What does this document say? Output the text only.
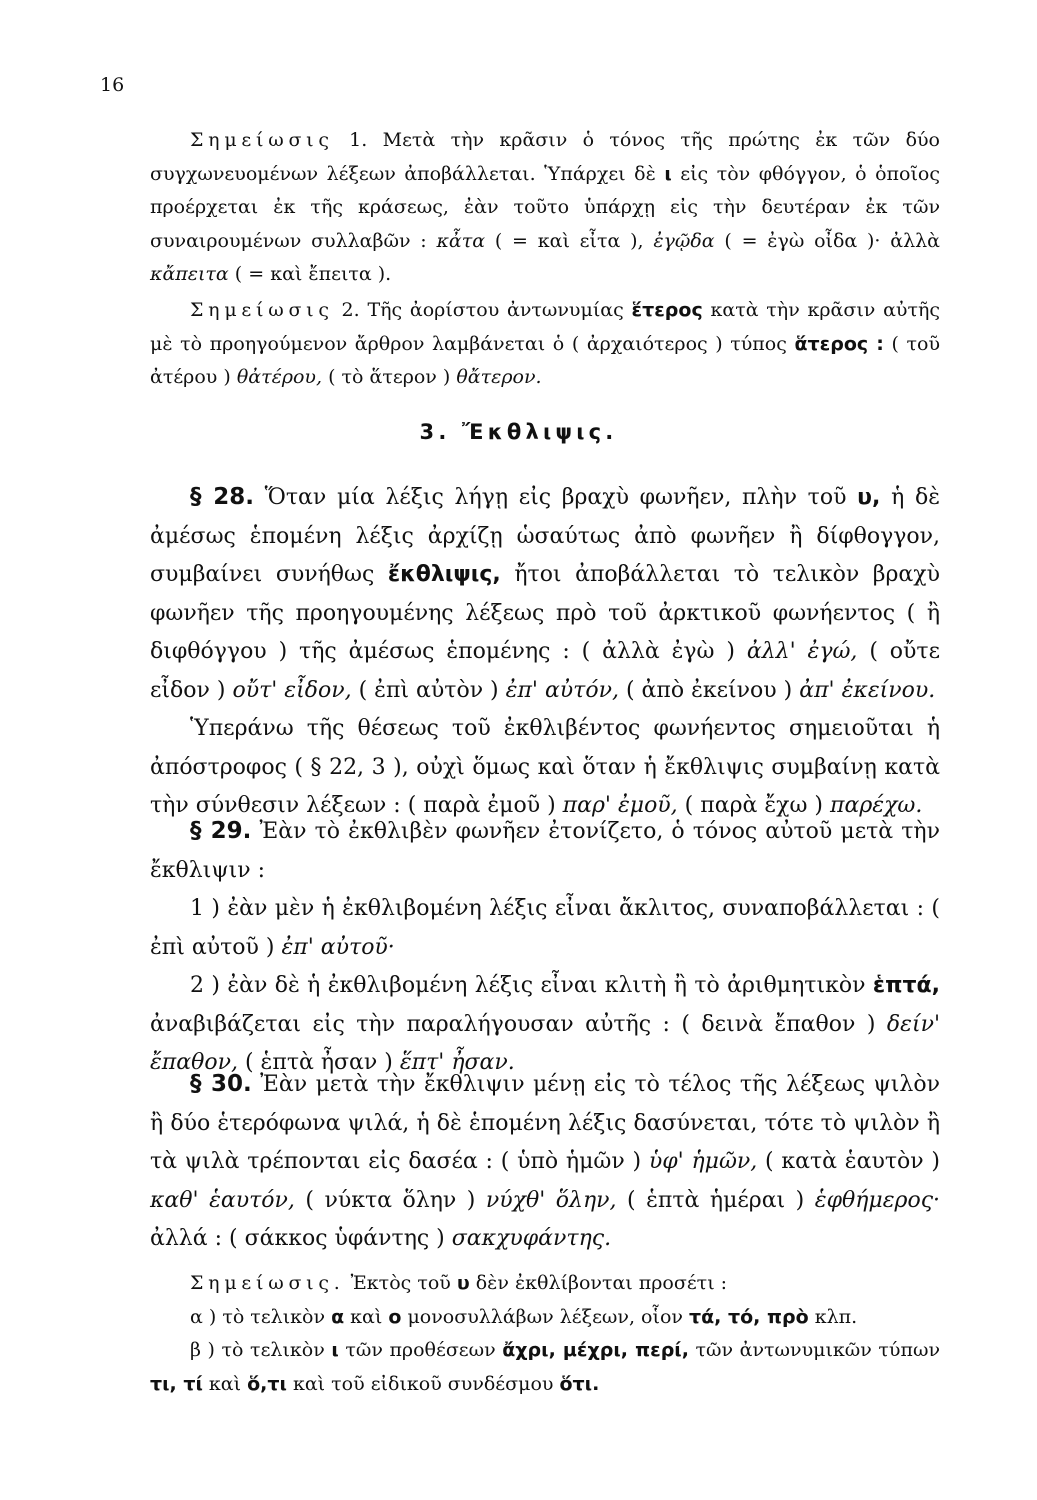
16

Σημείωσις 1. Μετὰ τὴν κρᾶσιν ὁ τόνος τῆς πρώτης ἐκ τῶν δύο συγχωνευομένων λέξεων ἀποβάλλεται. Ὑπάρχει δὲ ι εἰς τὸν φθόγγον, ὁ ὁποῖος προέρχεται ἐκ τῆς κράσεως, ἐὰν τοῦτο ὑπάρχῃ εἰς τὴν δευτέραν ἐκ τῶν συναιρουμένων συλλαβῶν : κἆτα ( = καὶ εἶτα ), ἐγῷδα ( = ἐγὼ οἶδα )· ἀλλὰ κἄπειτα ( = καὶ ἔπειτα ).

Σημείωσις 2. Τῆς ἀορίστου ἀντωνυμίας ἕτερος κατὰ τὴν κρᾶσιν αὐτῆς μὲ τὸ προηγούμενον ἄρθρον λαμβάνεται ὁ ( ἀρχαιότερος ) τύπος ἅτερος : ( τοῦ ἀτέρου ) θἀτέρου, ( τὸ ἅτερον ) θἄτερον.

3. Ἔκθλιψις.

§ 28. Ὅταν μία λέξις λήγῃ εἰς βραχὺ φωνῆεν, πλὴν τοῦ υ, ἡ δὲ ἀμέσως ἑπομένη λέξις ἀρχίζῃ ὡσαύτως ἀπὸ φωνῆεν ἢ δίφθογγον, συμβαίνει συνήθως ἔκθλιψις, ἤτοι ἀποβάλλεται τὸ τελικὸν βραχὺ φωνῆεν τῆς προηγουμένης λέξεως πρὸ τοῦ ἀρκτικοῦ φωνήεντος ( ἢ διφθόγγου ) τῆς ἀμέσως ἑπομένης : ( ἀλλὰ ἐγὼ ) ἀλλ' ἐγώ, ( οὔτε εἶδον ) οὔτ' εἶδον, ( ἐπὶ αὐτὸν ) ἐπ' αὐτόν, ( ἀπὸ ἐκείνου ) ἀπ' ἐκείνου.

Ὑπεράνω τῆς θέσεως τοῦ ἐκθλιβέντος φωνήεντος σημειοῦται ἡ ἀπόστροφος ( § 22, 3 ), οὐχὶ ὅμως καὶ ὅταν ἡ ἔκθλιψις συμβαίνῃ κατὰ τὴν σύνθεσιν λέξεων : ( παρὰ ἐμοῦ ) παρ' ἐμοῦ, ( παρὰ ἔχω ) παρέχω.

§ 29. Ἐὰν τὸ ἐκθλιβὲν φωνῆεν ἐτονίζετο, ὁ τόνος αὐτοῦ μετὰ τὴν ἔκθλιψιν :

1 ) ἐὰν μὲν ἡ ἐκθλιβομένη λέξις εἶναι ἄκλιτος, συναποβάλλεται : ( ἐπὶ αὐτοῦ ) ἐπ' αὐτοῦ·

2 ) ἐὰν δὲ ἡ ἐκθλιβομένη λέξις εἶναι κλιτὴ ἢ τὸ ἀριθμητικὸν ἑπτά, ἀναβιβάζεται εἰς τὴν παραλήγουσαν αὐτῆς : ( δεινὰ ἔπαθον ) δείν' ἔπαθον, ( ἑπτὰ ἦσαν ) ἕπτ' ἦσαν.

§ 30. Ἐὰν μετὰ τὴν ἔκθλιψιν μένῃ εἰς τὸ τέλος τῆς λέξεως ψιλὸν ἢ δύο ἑτερόφωνα ψιλά, ἡ δὲ ἑπομένη λέξις δασύνεται, τότε τὸ ψιλὸν ἢ τὰ ψιλὰ τρέπονται εἰς δασέα : ( ὑπὸ ἡμῶν ) ὑφ' ἡμῶν, ( κατὰ ἑαυτὸν ) καθ' ἑαυτόν, ( νύκτα ὅλην ) νύχθ' ὅλην, ( ἑπτὰ ἡμέραι ) ἑφθήμερος· ἀλλά : ( σάκκος ὑφάντης ) σακχυφάντης.

Σημείωσις. Ἐκτὸς τοῦ υ δὲν ἐκθλίβονται προσέτι :

α ) τὸ τελικὸν α καὶ ο μονοσυλλάβων λέξεων, οἷον τά, τό, πρὸ κλπ.

β ) τὸ τελικὸν ι τῶν προθέσεων ἄχρι, μέχρι, περί, τῶν ἀντωνυμικῶν τύπων τι, τί καὶ ὅ,τι καὶ τοῦ εἰδικοῦ συνδέσμου ὅτι.
